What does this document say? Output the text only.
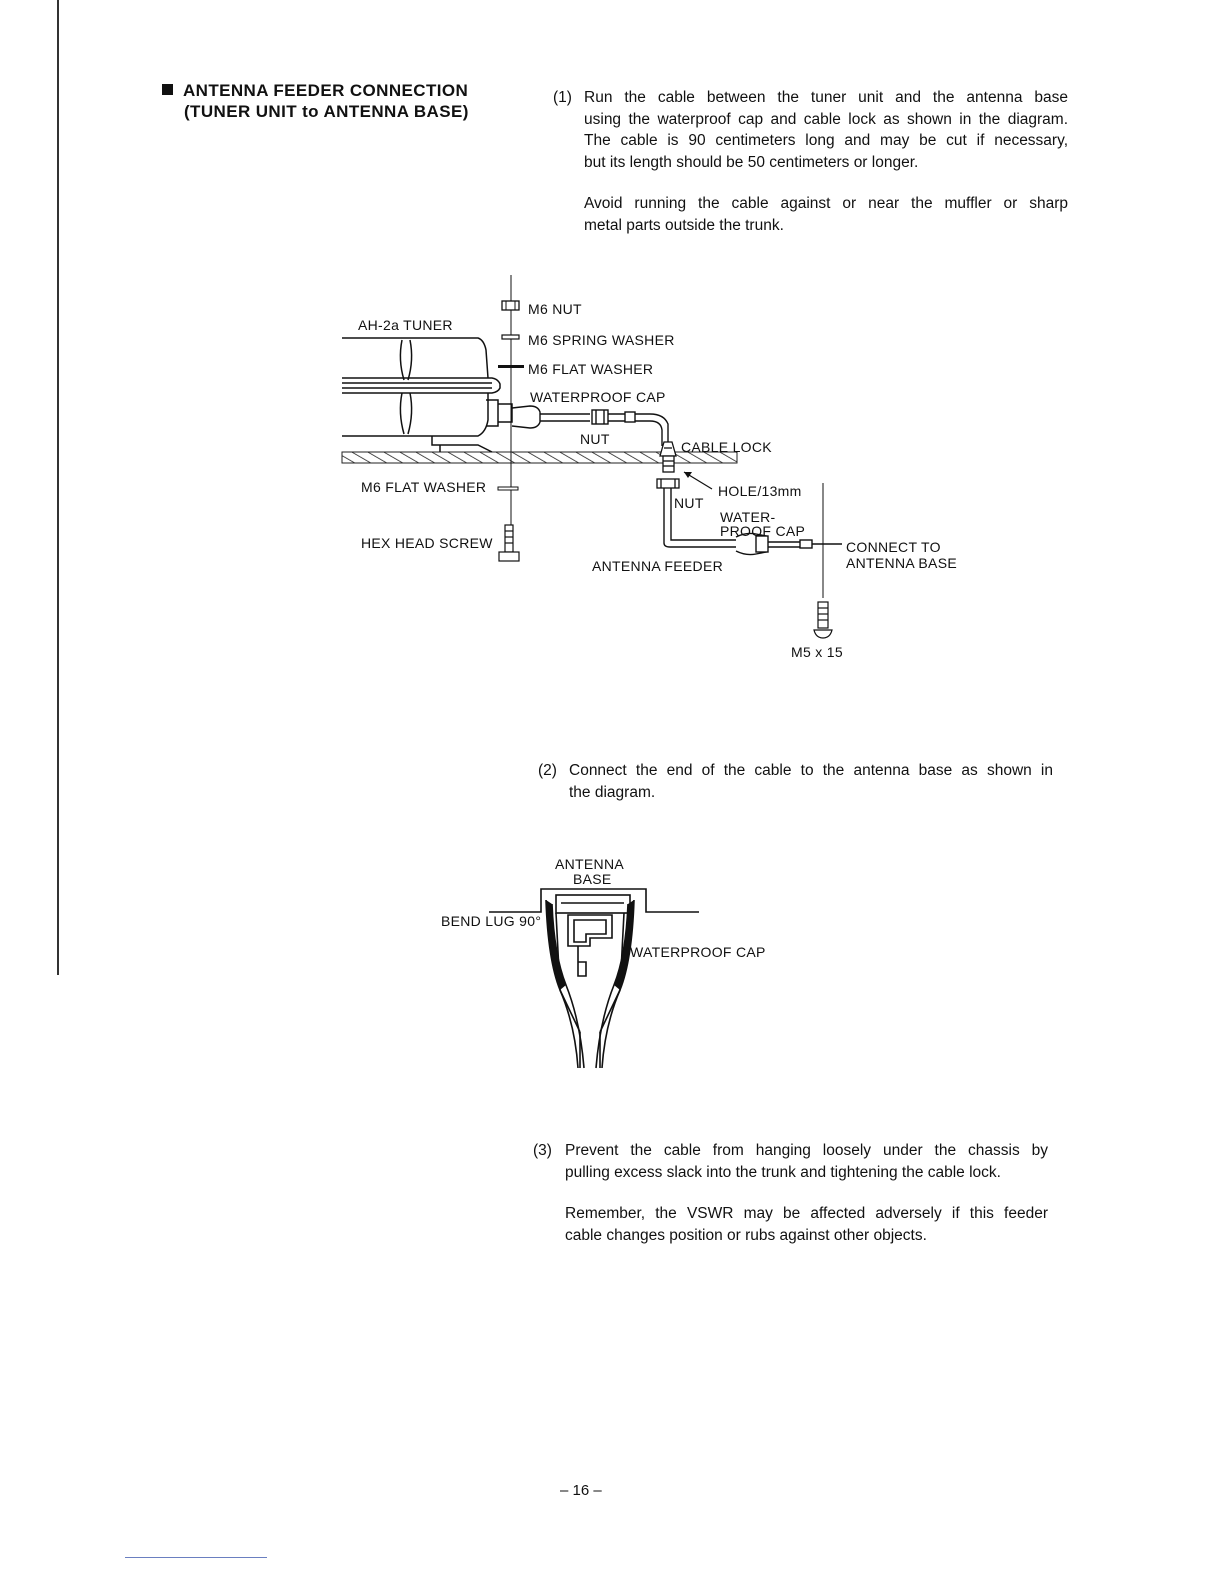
ANTENNA FEEDER CONNECTION
(TUNER UNIT to ANTENNA BASE)
(1) Run the cable between the tuner unit and the antenna base

using the waterproof cap and cable lock as shown in the diagram.

The cable is 90 centimeters long and may be cut if necessary,

but its length should be 50 centimeters or longer.

Avoid running the cable against or near the muffler or sharp

metal parts outside the trunk.

(2) Connect the end of the cable to the antenna base as shown in

the diagram.

(3) Prevent the cable from hanging loosely under the chassis by

pulling excess slack into the trunk and tightening the cable lock.

Remember, the VSWR may be affected adversely if this feeder

cable changes position or rubs against other objects.

M6 NUT
AH-2a TUNER
M6 SPRING WASHER
M6 FLAT WASHER
WATERPROOF CAP
NUT	CABLE LOCK
M6 FLAT WASHER	HOLE/13mm
NUT
WATER-
PROOF CAP
HEX HEAD SCREW	CONNECT TO
ANTENNA BASE
ANTENNA FEEDER
M5 x 15
ANTENNA
BASE
BEND LUG 90°
WATERPROOF CAP
– 16 –
